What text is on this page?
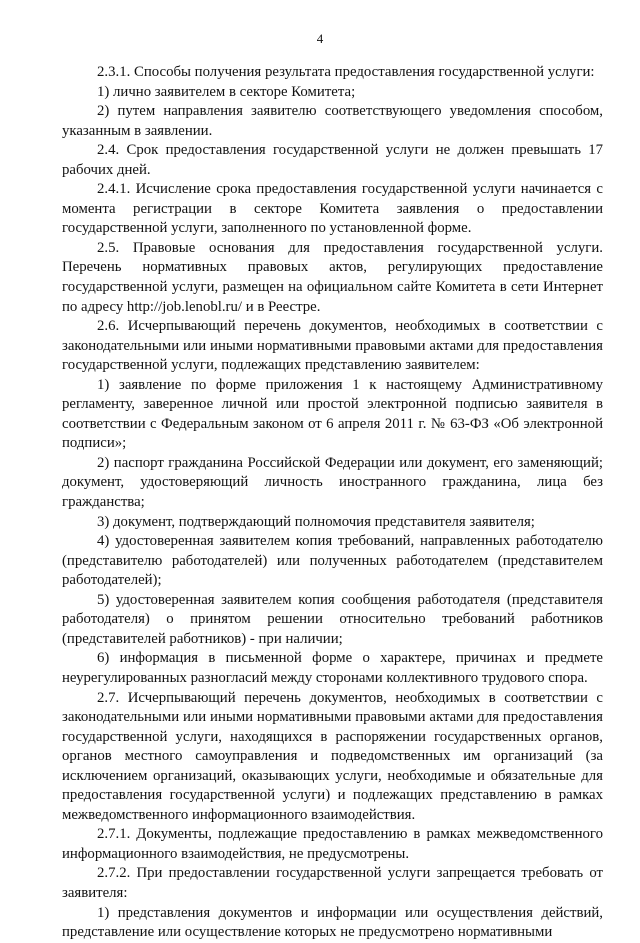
4

2.3.1. Способы получения результата предоставления государственной услуги:

1) лично заявителем в секторе Комитета;

2) путем направления заявителю соответствующего уведомления способом, указанным в заявлении.

2.4. Срок предоставления государственной услуги не должен превышать 17 рабочих дней.

2.4.1. Исчисление срока предоставления государственной услуги начинается с момента регистрации в секторе Комитета заявления о предоставлении государственной услуги, заполненного по установленной форме.

2.5. Правовые основания для предоставления государственной услуги. Перечень нормативных правовых актов, регулирующих предоставление государственной услуги, размещен на официальном сайте Комитета в сети Интернет по адресу http://job.lenobl.ru/ и в Реестре.

2.6. Исчерпывающий перечень документов, необходимых в соответствии с законодательными или иными нормативными правовыми актами для предоставления государственной услуги, подлежащих представлению заявителем:

1) заявление по форме приложения 1 к настоящему Административному регламенту, заверенное личной или простой электронной подписью заявителя в соответствии с Федеральным законом от 6 апреля 2011 г. № 63-ФЗ «Об электронной подписи»;

2) паспорт гражданина Российской Федерации или документ, его заменяющий; документ, удостоверяющий личность иностранного гражданина, лица без гражданства;

3) документ, подтверждающий полномочия представителя заявителя;

4) удостоверенная заявителем копия требований, направленных работодателю (представителю работодателей) или полученных работодателем (представителем работодателей);

5) удостоверенная заявителем копия сообщения работодателя (представителя работодателя) о принятом решении относительно требований работников (представителей работников) - при наличии;

6) информация в письменной форме о характере, причинах и предмете неурегулированных разногласий между сторонами коллективного трудового спора.

2.7. Исчерпывающий перечень документов, необходимых в соответствии с законодательными или иными нормативными правовыми актами для предоставления государственной услуги, находящихся в распоряжении государственных органов, органов местного самоуправления и подведомственных им организаций (за исключением организаций, оказывающих услуги, необходимые и обязательные для предоставления государственной услуги) и подлежащих представлению в рамках межведомственного информационного взаимодействия.

2.7.1. Документы, подлежащие предоставлению в рамках межведомственного информационного взаимодействия, не предусмотрены.

2.7.2. При предоставлении государственной услуги запрещается требовать от заявителя:

1) представления документов и информации или осуществления действий, представление или осуществление которых не предусмотрено нормативными
